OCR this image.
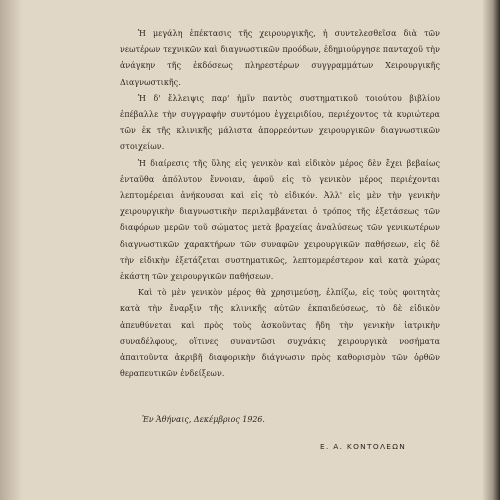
Ἡ μεγάλη ἐπέκτασις τῆς χειρουργικῆς, ἡ συντελεσθεῖσα διὰ τῶν νεωτέρων τεχνικῶν καὶ διαγνωστικῶν προόδων, ἐδημιούργησε πανταχοῦ τὴν ἀνάγκην τῆς ἐκδόσεως πληρεστέρων συγγραμμάτων Χειρουργικῆς Διαγνωστικῆς.

Ἡ δ' ἔλλειψις παρ' ἡμῖν παντὸς συστηματικοῦ τοιούτου βιβλίου ἐπέβαλλε τὴν συγγραφὴν συντόμου ἐγχειριδίου, περιέχοντος τὰ κυριώτερα τῶν ἐκ τῆς κλινικῆς μάλιστα ἀπορρεόντων χειρουργικῶν διαγνωστικῶν στοιχείων.

Ἡ διαίρεσις τῆς ὕλης εἰς γενικὸν καὶ εἰδικὸν μέρος δὲν ἔχει βεβαίως ἐνταῦθα ἀπόλυτον ἔννοιαν, ἀφοῦ εἰς τὸ γενικὸν μέρος περιέχονται λεπτομέρειαι ἀνήκουσαι καὶ εἰς τὸ εἰδικόν. Ἀλλ' εἰς μὲν τὴν γενικὴν χειρουργικὴν διαγνωστικὴν περιλαμβάνεται ὁ τρόπος τῆς ἐξετάσεως τῶν διαφόρων μερῶν τοῦ σώματος μετὰ βραχείας ἀναλύσεως τῶν γενικωτέρων διαγνωστικῶν χαρακτήρων τῶν συναφῶν χειρουργικῶν παθήσεων, εἰς δὲ τὴν εἰδικὴν ἐξετάζεται συστηματικῶς, λεπτομερέστερον καὶ κατὰ χώρας ἑκάστη τῶν χειρουργικῶν παθήσεων.

Καὶ τὸ μὲν γενικὸν μέρος θὰ χρησιμεύσῃ, ἐλπίζω, εἰς τοὺς φοιτητὰς κατὰ τὴν ἔναρξιν τῆς κλινικῆς αὐτῶν ἐκπαιδεύσεως, τὸ δὲ εἰδικὸν ἀπευθύνεται καὶ πρὸς τοὺς ἀσκοῦντας ἤδη τὴν γενικὴν ἰατρικὴν συναδέλφους, οἵτινες συναντῶσι συχνάκις χειρουργικὰ νοσήματα ἀπαιτοῦντα ἀκριβῆ διαφορικὴν διάγνωσιν πρὸς καθορισμὸν τῶν ὀρθῶν θεραπευτικῶν ἐνδείξεων.

Ἐν Ἀθήναις, Δεκέμβριος 1926.
Ε. Α. ΚΟΝΤΟΛΕΩΝ
